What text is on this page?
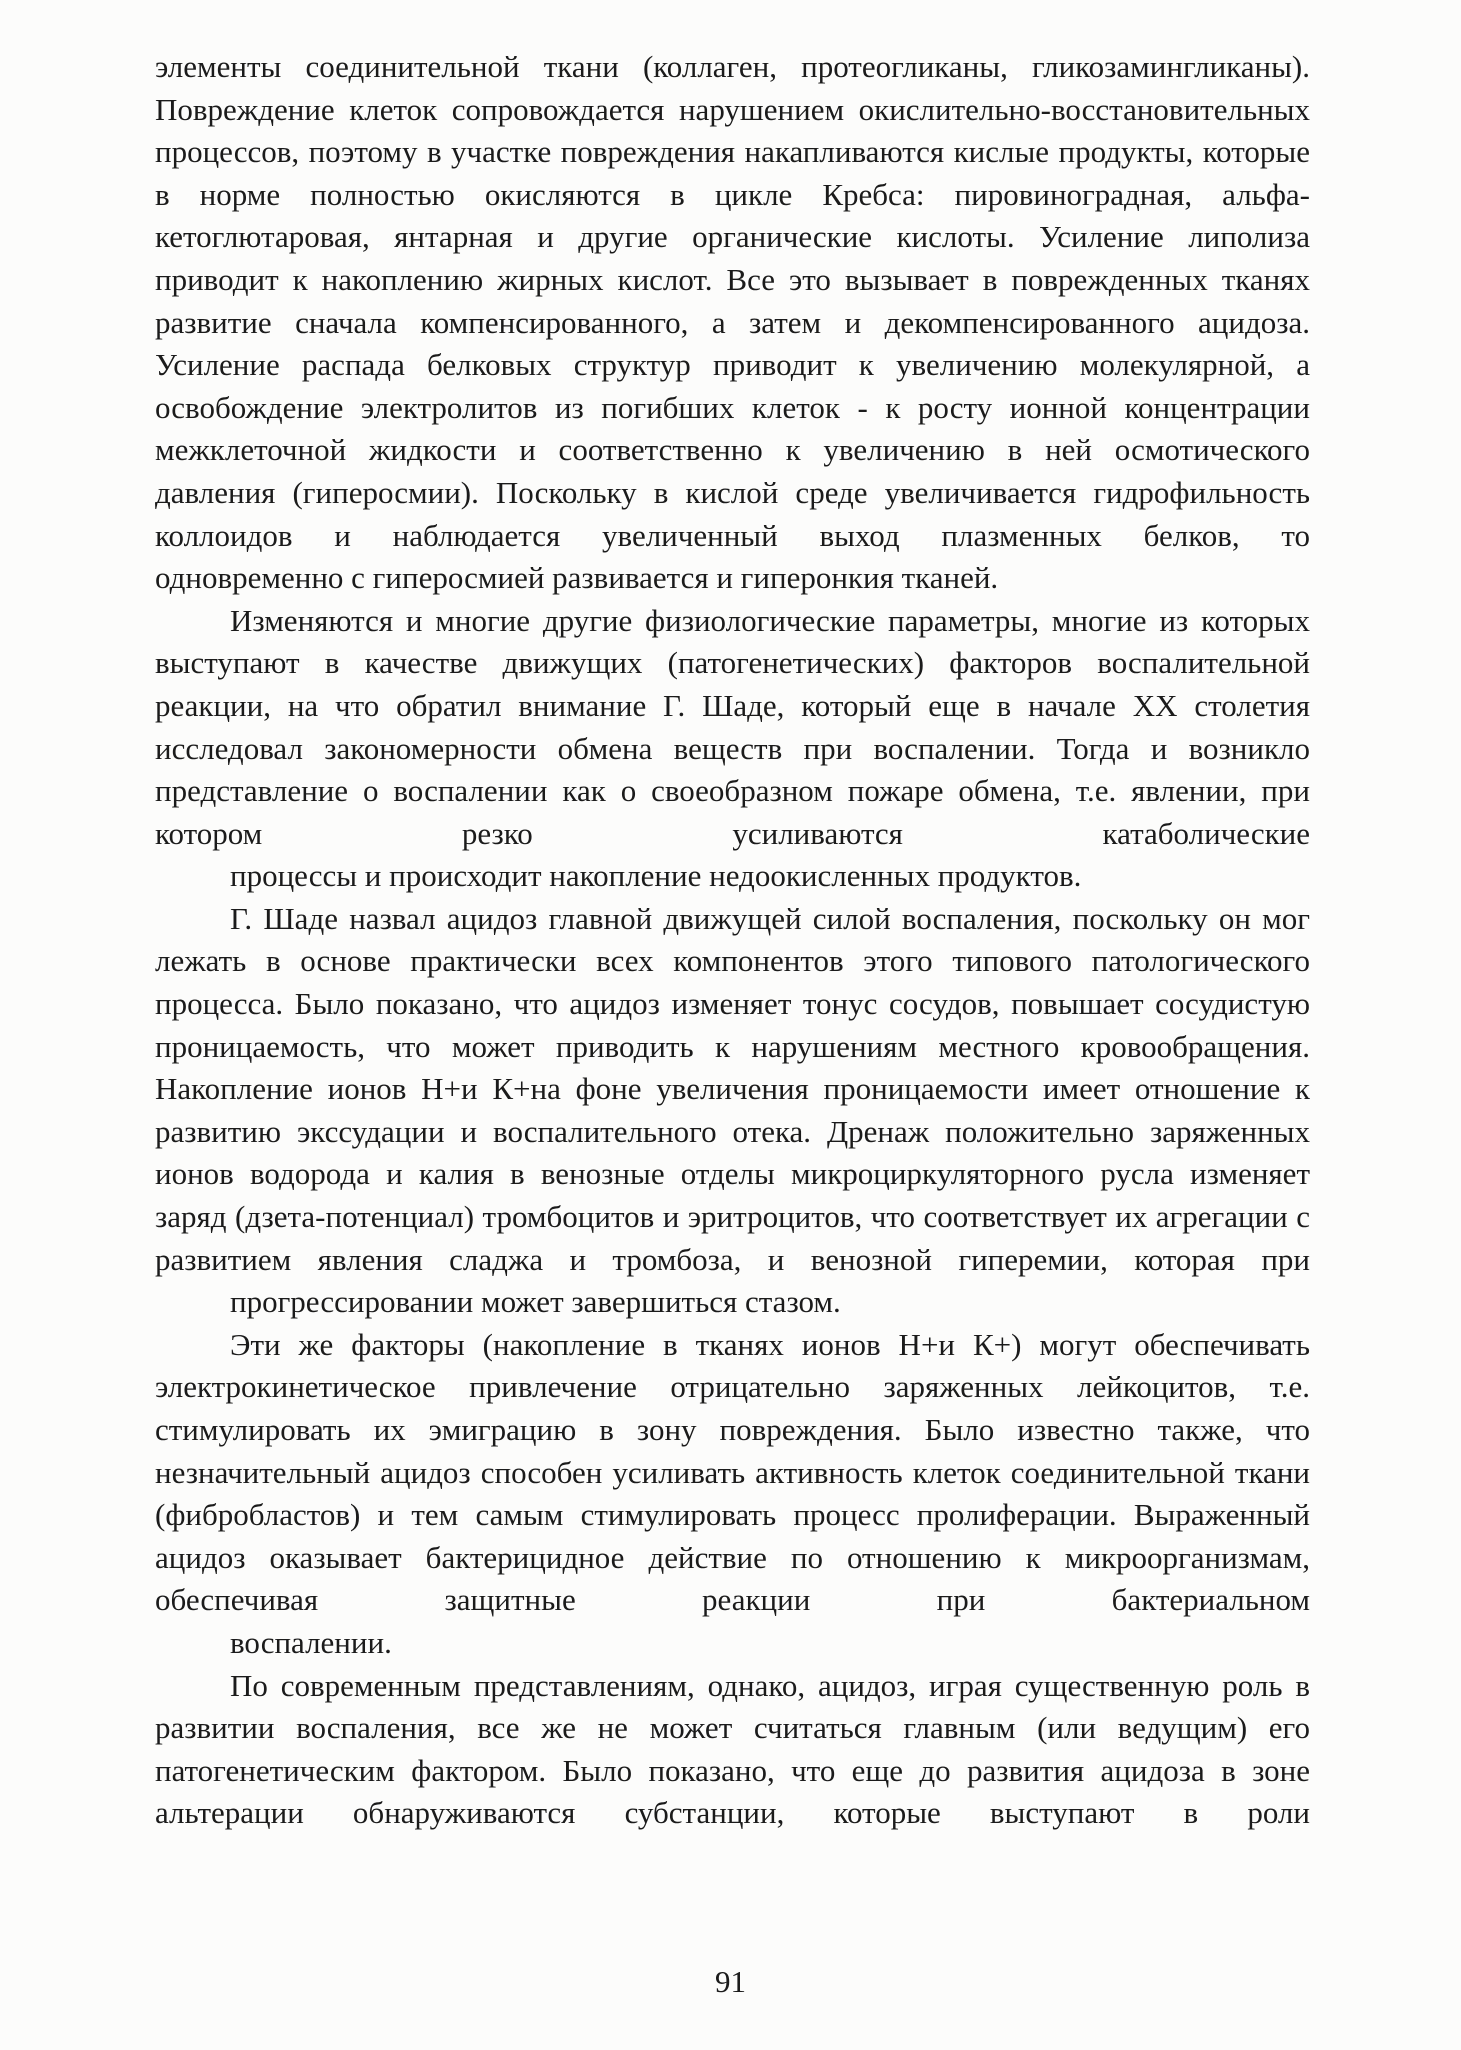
элементы соединительной ткани (коллаген, протеогликаны, гликозамингликаны). Повреждение клеток сопровождается нарушением окислительно-восстановительных процессов, поэтому в участке повреждения накапливаются кислые продукты, которые в норме полностью окисляются в цикле Кребса: пировиноградная, альфа-кетоглютаровая, янтарная и другие органические кислоты. Усиление липолиза приводит к накоплению жирных кислот. Все это вызывает в поврежденных тканях развитие сначала компенсированного, а затем и декомпенсированного ацидоза. Усиление распада белковых структур приводит к увеличению молекулярной, а освобождение электролитов из погибших клеток - к росту ионной концентрации межклеточной жидкости и соответственно к увеличению в ней осмотического давления (гиперосмии). Поскольку в кислой среде увеличивается гидрофильность коллоидов и наблюдается увеличенный выход плазменных белков, то
одновременно с гиперосмией развивается и гиперонкия тканей.

Изменяются и многие другие физиологические параметры, многие из которых выступают в качестве движущих (патогенетических) факторов воспалительной реакции, на что обратил внимание Г. Шаде, который еще в начале XX столетия исследовал закономерности обмена веществ при воспалении. Тогда и возникло представление о воспалении как о своеобразном пожаре обмена, т.е. явлении, при котором резко усиливаются катаболические
процессы и происходит накопление недоокисленных продуктов.

Г. Шаде назвал ацидоз главной движущей силой воспаления, поскольку он мог лежать в основе практически всех компонентов этого типового патологического процесса. Было показано, что ацидоз изменяет тонус сосудов, повышает сосудистую проницаемость, что может приводить к нарушениям местного кровообращения. Накопление ионов Н+и К+на фоне увеличения проницаемости имеет отношение к развитию экссудации и воспалительного отека. Дренаж положительно заряженных ионов водорода и калия в венозные отделы микроциркуляторного русла изменяет заряд (дзета-потенциал) тромбоцитов и эритроцитов, что соответствует их агрегации с развитием явления сладжа и тромбоза, и венозной гиперемии, которая при
прогрессировании может завершиться стазом.

Эти же факторы (накопление в тканях ионов Н+и К+) могут обеспечивать электрокинетическое привлечение отрицательно заряженных лейкоцитов, т.е. стимулировать их эмиграцию в зону повреждения. Было известно также, что незначительный ацидоз способен усиливать активность клеток соединительной ткани (фибробластов) и тем самым стимулировать процесс пролиферации. Выраженный ацидоз оказывает бактерицидное действие по отношению к микроорганизмам, обеспечивая защитные реакции при бактериальном
воспалении.

По современным представлениям, однако, ацидоз, играя существенную роль в развитии воспаления, все же не может считаться главным (или ведущим) его патогенетическим фактором. Было показано, что еще до развития ацидоза в зоне альтерации обнаруживаются субстанции, которые выступают в роли

91
